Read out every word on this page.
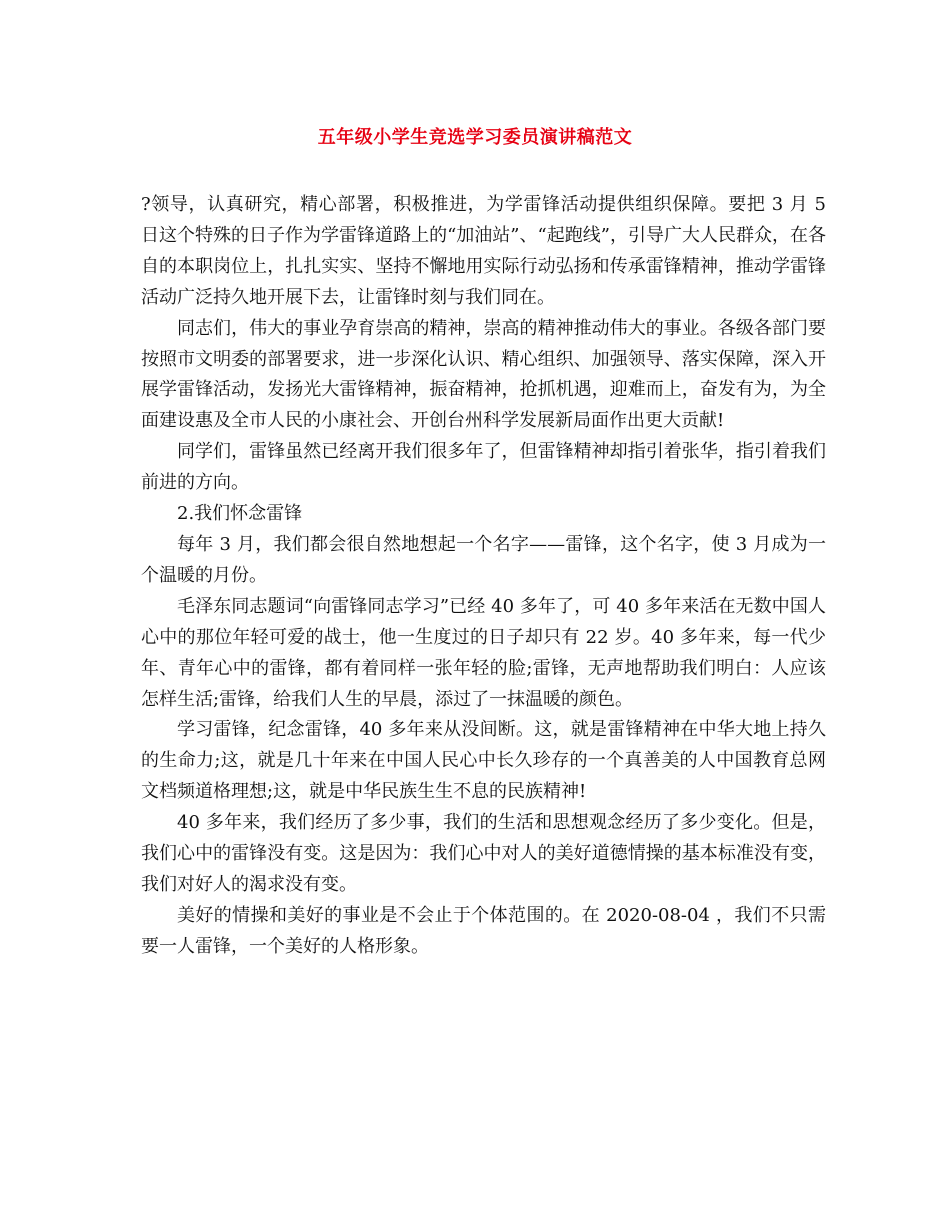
五年级小学生竞选学习委员演讲稿范文

?领导，认真研究，精心部署，积极推进，为学雷锋活动提供组织保障。要把 3 月 5 日这个特殊的日子作为学雷锋道路上的“加油站”、“起跑线”，引导广大人民群众，在各自的本职岗位上，扎扎实实、坚持不懈地用实际行动弘扬和传承雷锋精神，推动学雷锋活动广泛持久地开展下去，让雷锋时刻与我们同在。

同志们，伟大的事业孕育崇高的精神，崇高的精神推动伟大的事业。各级各部门要按照市文明委的部署要求，进一步深化认识、精心组织、加强领导、落实保障，深入开展学雷锋活动，发扬光大雷锋精神，振奋精神，抢抓机遇，迎难而上，奋发有为，为全面建设惠及全市人民的小康社会、开创台州科学发展新局面作出更大贡献!

同学们，雷锋虽然已经离开我们很多年了，但雷锋精神却指引着张华，指引着我们前进的方向。

2.我们怀念雷锋

每年 3 月，我们都会很自然地想起一个名字——雷锋，这个名字，使 3 月成为一个温暖的月份。

毛泽东同志题词“向雷锋同志学习”已经 40 多年了，可 40 多年来活在无数中国人心中的那位年轻可爱的战士，他一生度过的日子却只有 22 岁。40 多年来，每一代少年、青年心中的雷锋，都有着同样一张年轻的脸;雷锋，无声地帮助我们明白：人应该怎样生活;雷锋，给我们人生的早晨，添过了一抹温暖的颜色。

学习雷锋，纪念雷锋，40 多年来从没间断。这，就是雷锋精神在中华大地上持久的生命力;这，就是几十年来在中国人民心中长久珍存的一个真善美的人中国教育总网文档频道格理想;这，就是中华民族生生不息的民族精神!

40 多年来，我们经历了多少事，我们的生活和思想观念经历了多少变化。但是，我们心中的雷锋没有变。这是因为：我们心中对人的美好道德情操的基本标准没有变，我们对好人的渴求没有变。

美好的情操和美好的事业是不会止于个体范围的。在 2020-08-04 ，我们不只需要一人雷锋，一个美好的人格形象。
